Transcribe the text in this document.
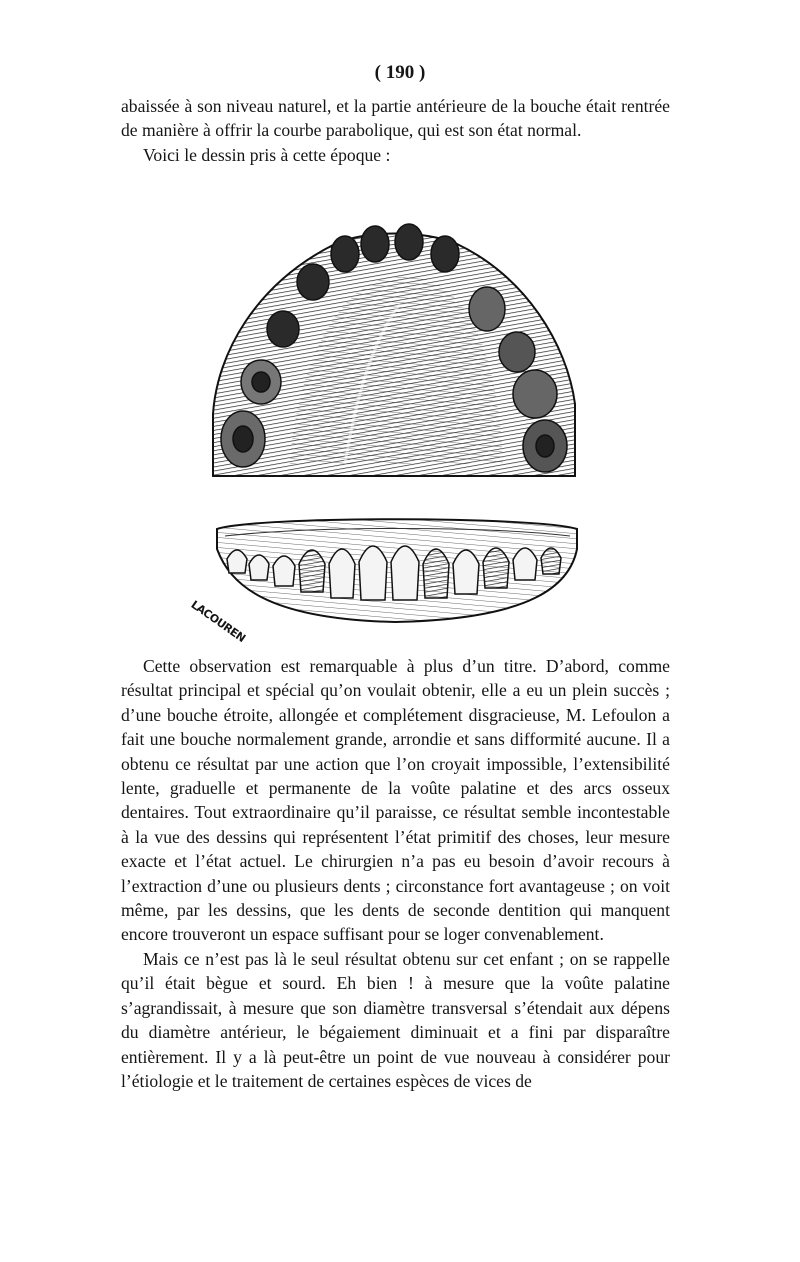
( 190 )

abaissée à son niveau naturel, et la partie antérieure de la bouche était rentrée de manière à offrir la courbe parabolique, qui est son état normal.

Voici le dessin pris à cette époque :

LACOUREN

Cette observation est remarquable à plus d’un titre. D’abord, comme résultat principal et spécial qu’on voulait obtenir, elle a eu un plein succès ; d’une bouche étroite, allongée et complétement disgracieuse, M. Lefoulon a fait une bouche normalement grande, arrondie et sans difformité aucune. Il a obtenu ce résultat par une action que l’on croyait impossible, l’extensibilité lente, graduelle et permanente de la voûte palatine et des arcs osseux dentaires. Tout extraordinaire qu’il paraisse, ce résultat semble incontestable à la vue des dessins qui représentent l’état primitif des choses, leur mesure exacte et l’état actuel. Le chirurgien n’a pas eu besoin d’avoir recours à l’extraction d’une ou plusieurs dents ; circonstance fort avantageuse ; on voit même, par les dessins, que les dents de seconde dentition qui manquent encore trouveront un espace suffisant pour se loger convenablement.

Mais ce n’est pas là le seul résultat obtenu sur cet enfant ; on se rappelle qu’il était bègue et sourd. Eh bien ! à mesure que la voûte palatine s’agrandissait, à mesure que son diamètre transversal s’étendait aux dépens du diamètre antérieur, le bégaiement diminuait et a fini par disparaître entièrement. Il y a là peut-être un point de vue nouveau à considérer pour l’étiologie et le traitement de certaines espèces de vices de
